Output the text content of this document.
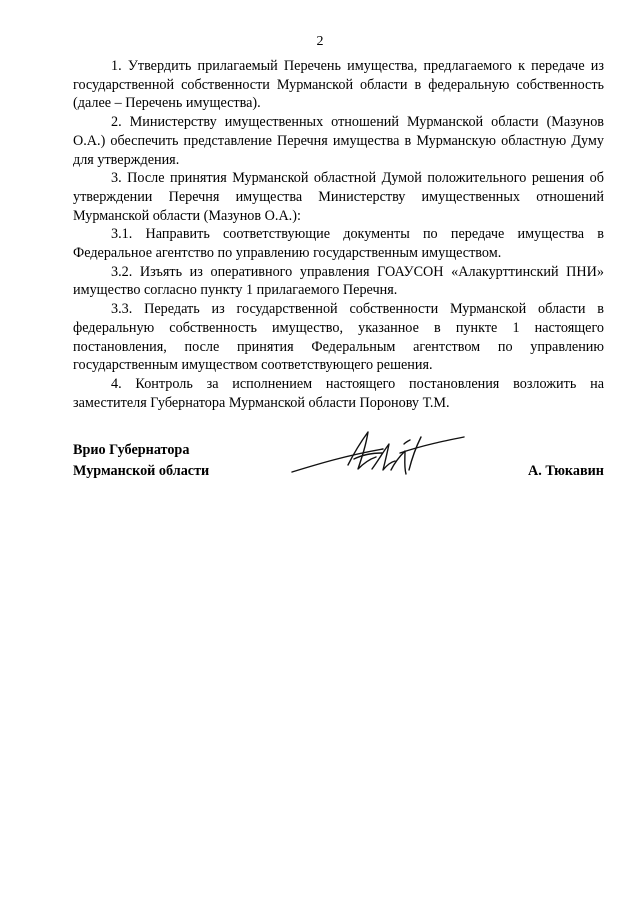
2

1. Утвердить прилагаемый Перечень имущества, предлагаемого к передаче из государственной собственности Мурманской области в федеральную собственность (далее – Перечень имущества).

2. Министерству имущественных отношений Мурманской области (Мазунов О.А.) обеспечить представление Перечня имущества в Мурманскую областную Думу для утверждения.

3. После принятия Мурманской областной Думой положительного решения об утверждении Перечня имущества Министерству имущественных отношений Мурманской области (Мазунов О.А.):

3.1. Направить соответствующие документы по передаче имущества в Федеральное агентство по управлению государственным имуществом.

3.2. Изъять из оперативного управления ГОАУСОН «Алакурттинский ПНИ» имущество согласно пункту 1 прилагаемого Перечня.

3.3. Передать из государственной собственности Мурманской области в федеральную собственность имущество, указанное в пункте 1 настоящего постановления, после принятия Федеральным агентством по управлению государственным имуществом соответствующего решения.

4. Контроль за исполнением настоящего постановления возложить на заместителя Губернатора Мурманской области Поронову Т.М.

Врио Губернатора
Мурманской области	А. Тюкавин
